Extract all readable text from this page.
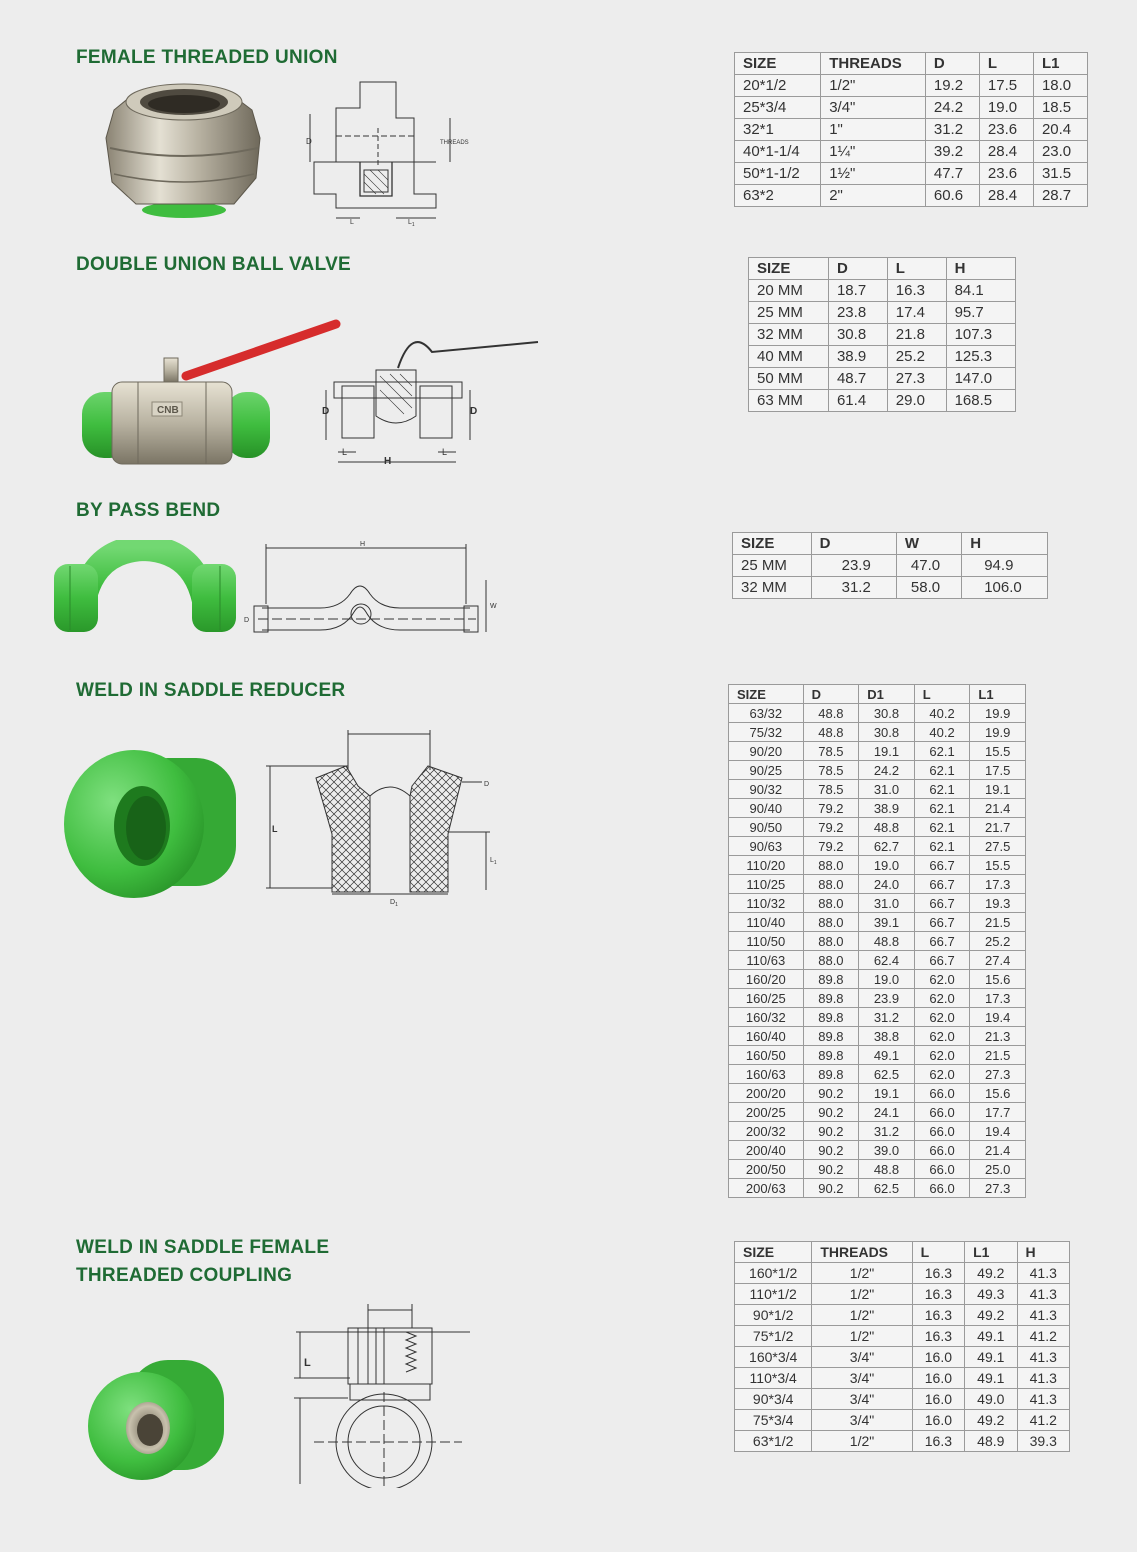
FEMALE THREADED UNION
D	THREADS
L	$L_1$
SIZE	THREADS	D	L	L1
20*1/2	1/2"	19.2	17.5	18.0
25*3/4	3/4"	24.2	19.0	18.5
32*1	1"	31.2	23.6	20.4
40*1-1/4	1¼"	39.2	28.4	23.0
50*1-1/2	1½"	47.7	23.6	31.5
63*2	2"	60.6	28.4	28.7
DOUBLE UNION BALL VALVE
CNB	D	D
H
L	L
SIZE	D	L	H
20 MM	18.7	16.3	84.1
25 MM	23.8	17.4	95.7
32 MM	30.8	21.8	107.3
40 MM	38.9	25.2	125.3
50 MM	48.7	27.3	147.0
63 MM	61.4	29.0	168.5
BY PASS BEND
H
W
D
SIZE	D	W	H
25 MM	23.9	47.0	94.9
32 MM	31.2	58.0	106.0
WELD IN SADDLE REDUCER
L
D
$L_1$
$D_1$
SIZE	D	D1	L	L1
63/32	48.8	30.8	40.2	19.9
75/32	48.8	30.8	40.2	19.9
90/20	78.5	19.1	62.1	15.5
90/25	78.5	24.2	62.1	17.5
90/32	78.5	31.0	62.1	19.1
90/40	79.2	38.9	62.1	21.4
90/50	79.2	48.8	62.1	21.7
90/63	79.2	62.7	62.1	27.5
110/20	88.0	19.0	66.7	15.5
110/25	88.0	24.0	66.7	17.3
110/32	88.0	31.0	66.7	19.3
110/40	88.0	39.1	66.7	21.5
110/50	88.0	48.8	66.7	25.2
110/63	88.0	62.4	66.7	27.4
160/20	89.8	19.0	62.0	15.6
160/25	89.8	23.9	62.0	17.3
160/32	89.8	31.2	62.0	19.4
160/40	89.8	38.8	62.0	21.3
160/50	89.8	49.1	62.0	21.5
160/63	89.8	62.5	62.0	27.3
200/20	90.2	19.1	66.0	15.6
200/25	90.2	24.1	66.0	17.7
200/32	90.2	31.2	66.0	19.4
200/40	90.2	39.0	66.0	21.4
200/50	90.2	48.8	66.0	25.0
200/63	90.2	62.5	66.0	27.3
WELD IN SADDLE FEMALE
THREADED COUPLING
L
SIZE	THREADS	L	L1	H
160*1/2	1/2"	16.3	49.2	41.3
110*1/2	1/2"	16.3	49.3	41.3
90*1/2	1/2"	16.3	49.2	41.3
75*1/2	1/2"	16.3	49.1	41.2
160*3/4	3/4"	16.0	49.1	41.3
110*3/4	3/4"	16.0	49.1	41.3
90*3/4	3/4"	16.0	49.0	41.3
75*3/4	3/4"	16.0	49.2	41.2
63*1/2	1/2"	16.3	48.9	39.3
